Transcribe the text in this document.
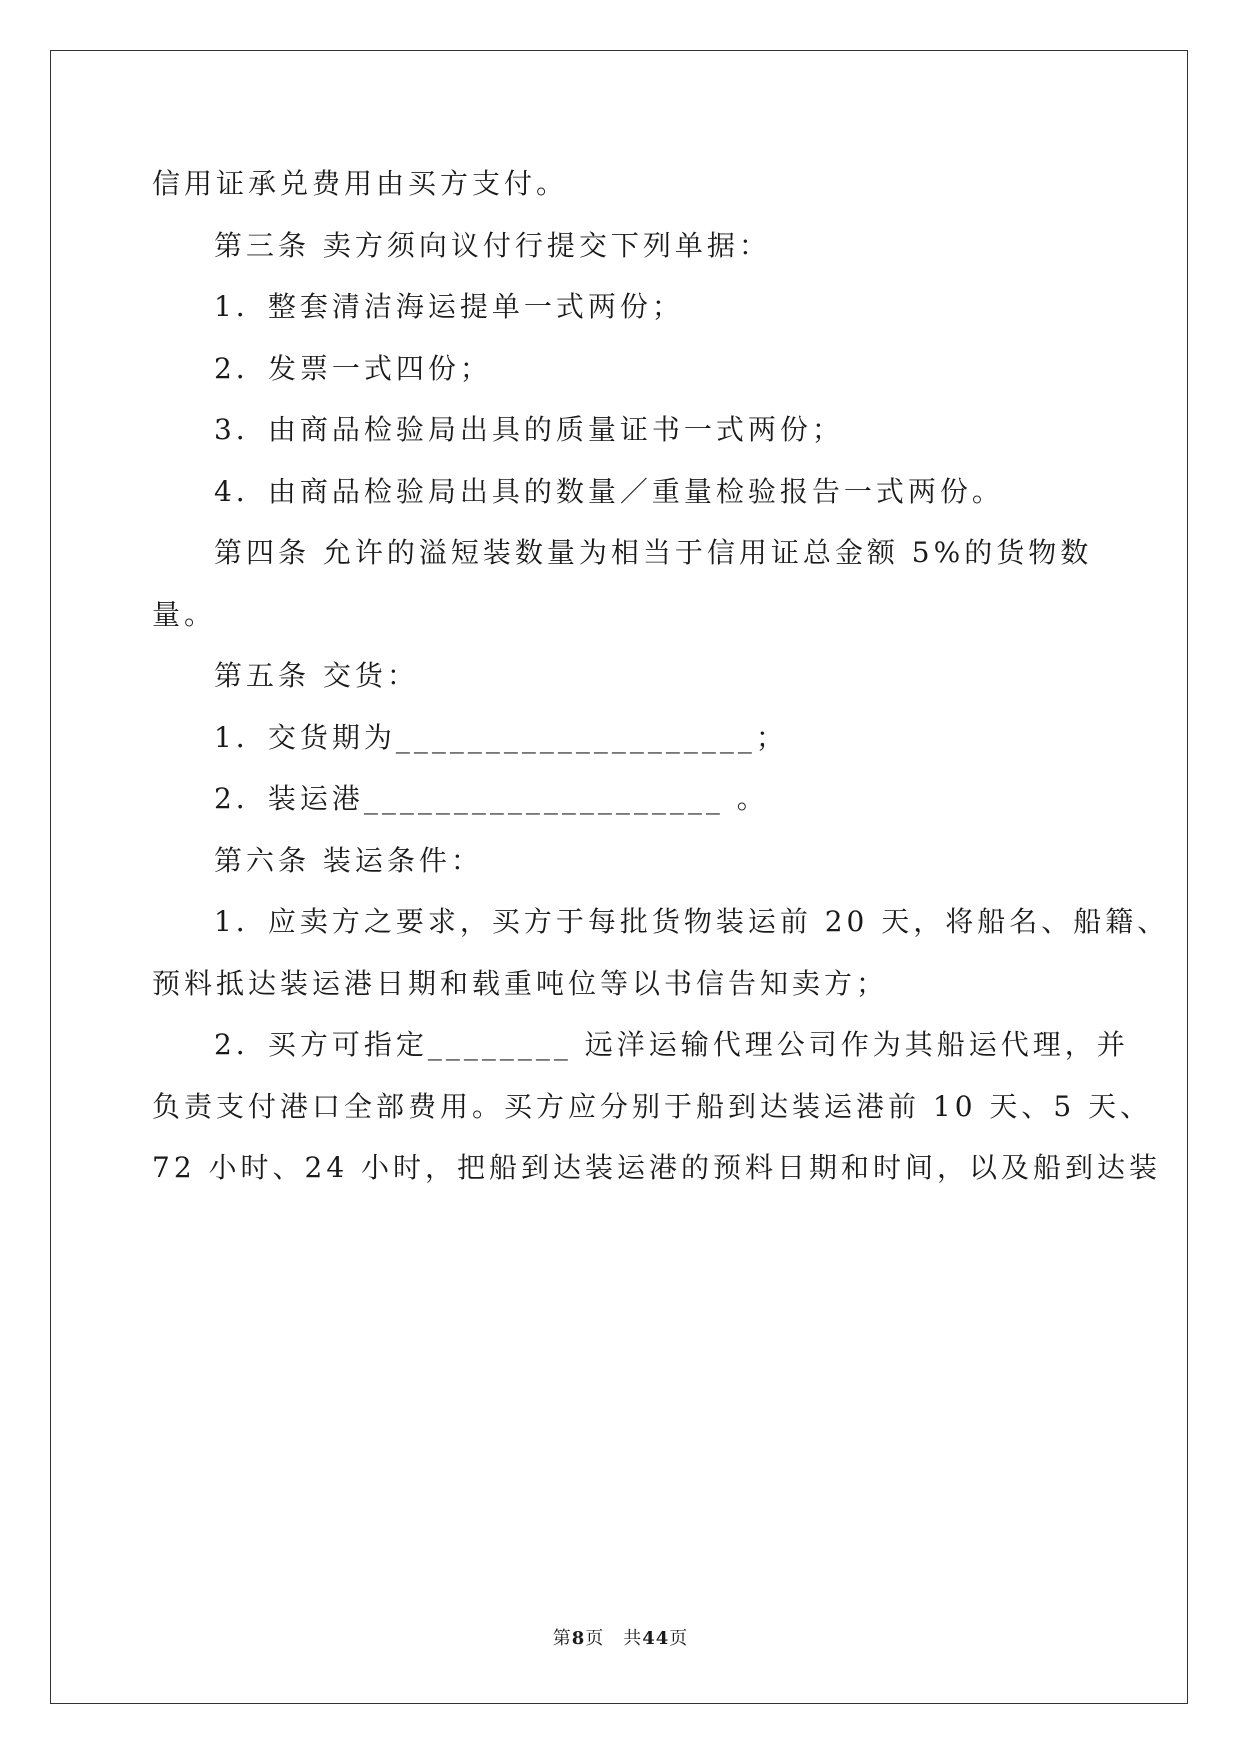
信用证承兑费用由买方支付。
第三条 卖方须向议付行提交下列单据：
1．整套清洁海运提单一式两份；
2．发票一式四份；
3．由商品检验局出具的质量证书一式两份；
4．由商品检验局出具的数量／重量检验报告一式两份。
第四条 允许的溢短装数量为相当于信用证总金额 5%的货物数
量。
第五条 交货：
1．交货期为____________________；
2．装运港____________________ 。
第六条 装运条件：
1．应卖方之要求，买方于每批货物装运前 20 天，将船名、船籍、
预料抵达装运港日期和载重吨位等以书信告知卖方；
2．买方可指定________ 远洋运输代理公司作为其船运代理，并
负责支付港口全部费用。买方应分别于船到达装运港前 10 天、5 天、
72 小时、24 小时，把船到达装运港的预料日期和时间，以及船到达装
第8页　共44页
